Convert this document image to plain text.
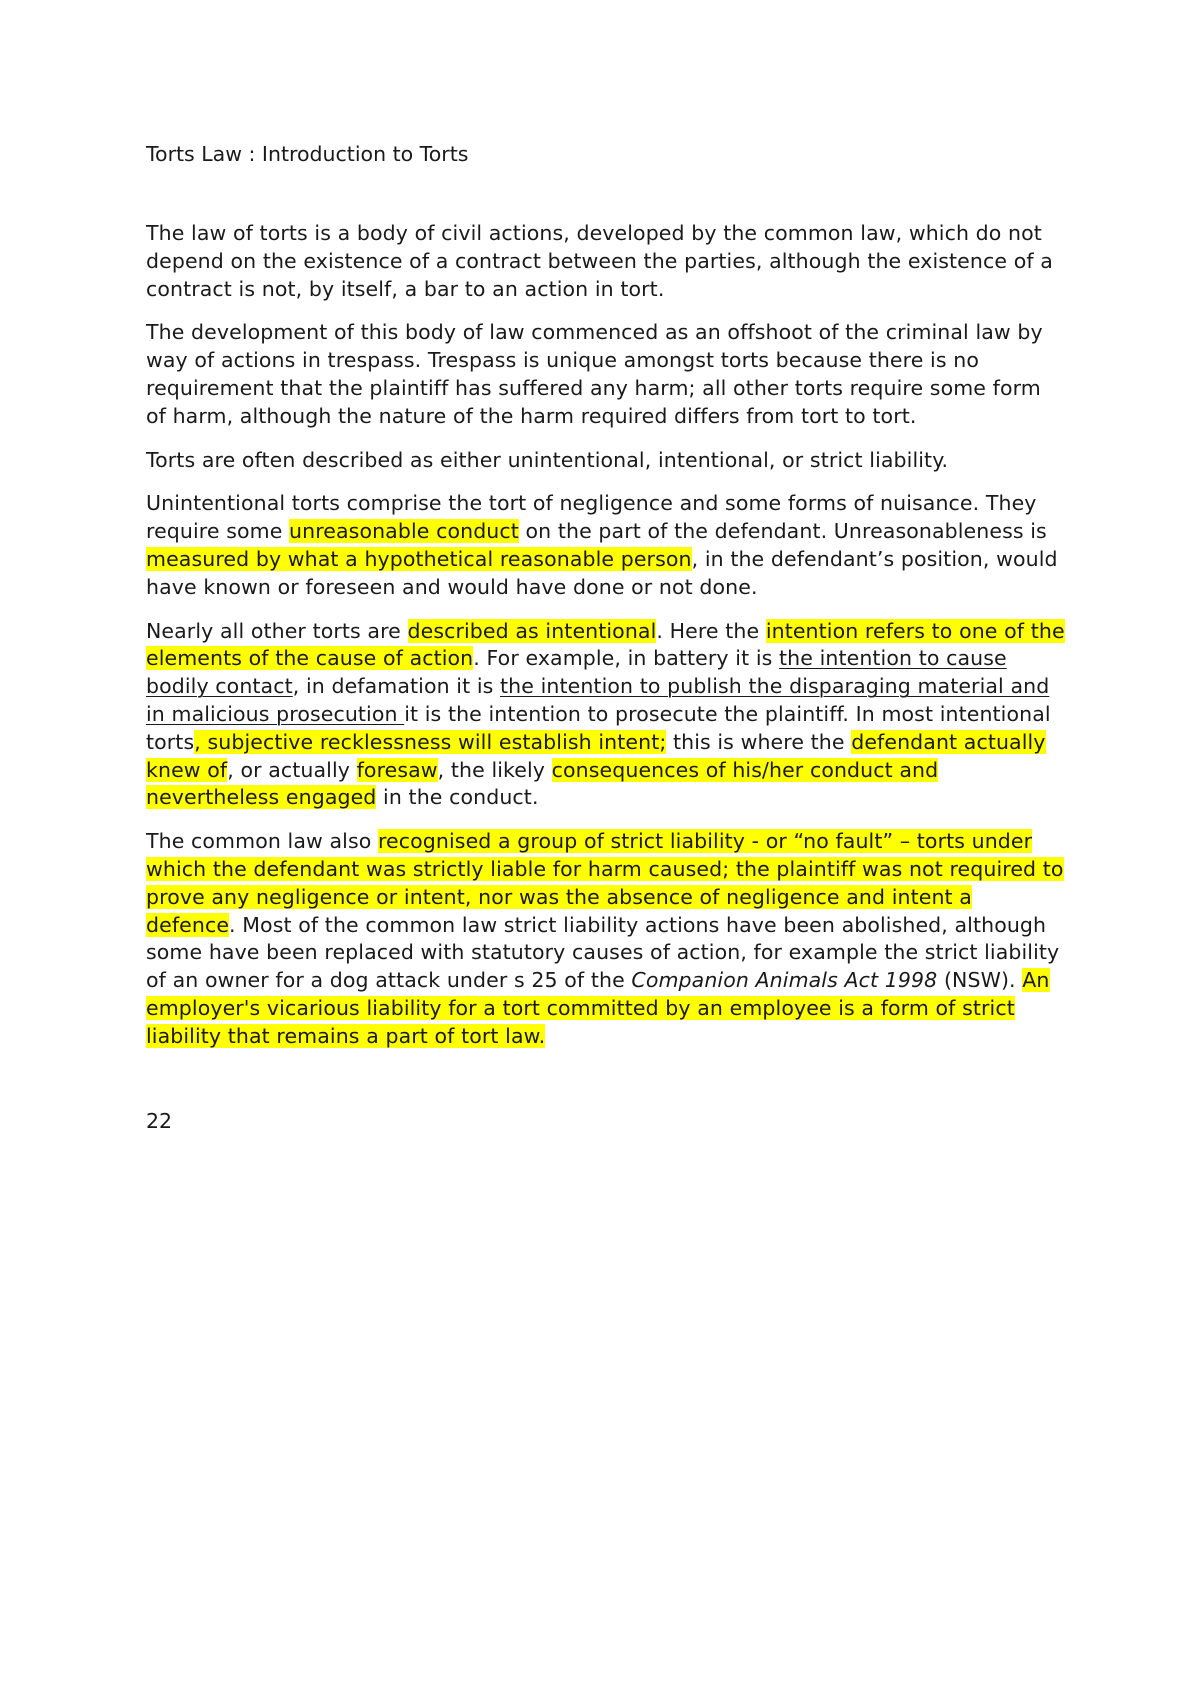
Torts Law : Introduction to Torts

The law of torts is a body of civil actions, developed by the common law, which do not depend on the existence of a contract between the parties, although the existence of a contract is not, by itself, a bar to an action in tort.

The development of this body of law commenced as an offshoot of the criminal law by way of actions in trespass. Trespass is unique amongst torts because there is no requirement that the plaintiff has suffered any harm; all other torts require some form of harm, although the nature of the harm required differs from tort to tort.

Torts are often described as either unintentional, intentional, or strict liability.

Unintentional torts comprise the tort of negligence and some forms of nuisance. They require some unreasonable conduct on the part of the defendant. Unreasonableness is measured by what a hypothetical reasonable person, in the defendant’s position, would have known or foreseen and would have done or not done.

Nearly all other torts are described as intentional. Here the intention refers to one of the elements of the cause of action. For example, in battery it is the intention to cause bodily contact, in defamation it is the intention to publish the disparaging material and in malicious prosecution it is the intention to prosecute the plaintiff. In most intentional torts, subjective recklessness will establish intent; this is where the defendant actually knew of, or actually foresaw, the likely consequences of his/her conduct and nevertheless engaged in the conduct.

The common law also recognised a group of strict liability - or “no fault” – torts under which the defendant was strictly liable for harm caused; the plaintiff was not required to prove any negligence or intent, nor was the absence of negligence and intent a defence. Most of the common law strict liability actions have been abolished, although some have been replaced with statutory causes of action, for example the strict liability of an owner for a dog attack under s 25 of the Companion Animals Act 1998 (NSW). An employer's vicarious liability for a tort committed by an employee is a form of strict liability that remains a part of tort law.

22
